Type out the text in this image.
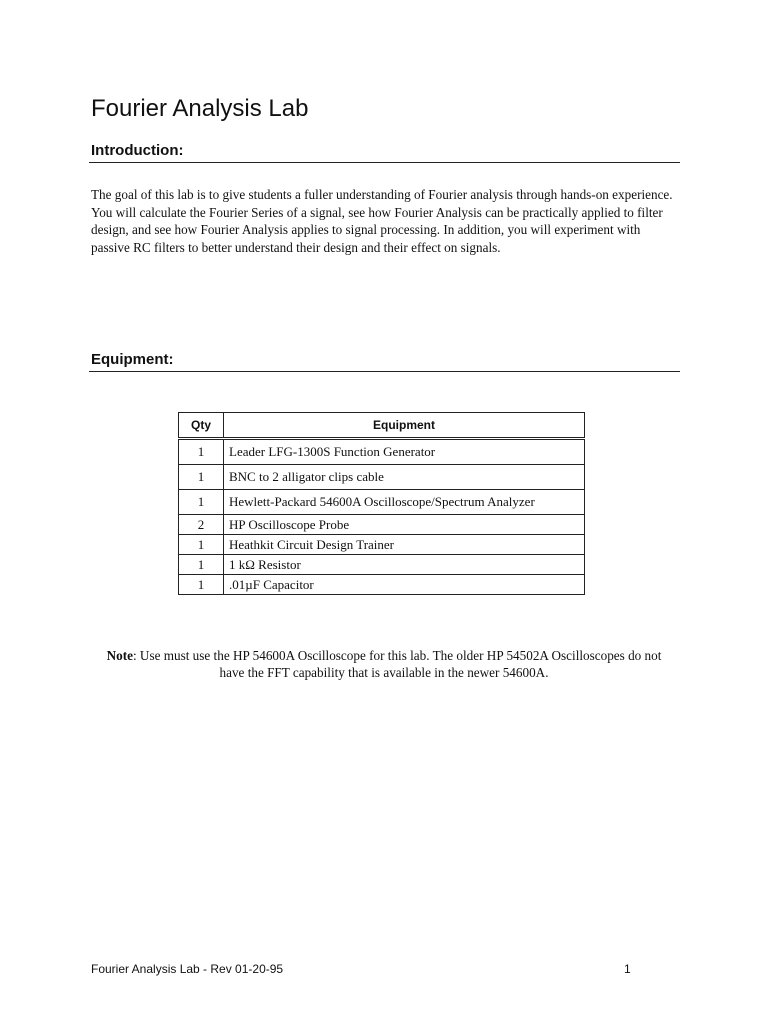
Fourier Analysis Lab
Introduction:

The goal of this lab is to give students a fuller understanding of Fourier analysis through hands-on experience. You will calculate the Fourier Series of a signal, see how Fourier Analysis can be practically applied to filter design, and see how Fourier Analysis applies to signal processing. In addition, you will experiment with passive RC filters to better understand their design and their effect on signals.

Equipment:
Qty	Equipment
1	Leader LFG-1300S Function Generator
1	BNC to 2 alligator clips cable
1	Hewlett-Packard 54600A Oscilloscope/Spectrum Analyzer
2	HP Oscilloscope Probe
1	Heathkit Circuit Design Trainer
1	1 kΩ Resistor
1	.01µF Capacitor

Note: Use must use the HP 54600A Oscilloscope for this lab. The older HP 54502A Oscilloscopes do not have the FFT capability that is available in the newer 54600A.

Fourier Analysis Lab - Rev 01-20-95	1
